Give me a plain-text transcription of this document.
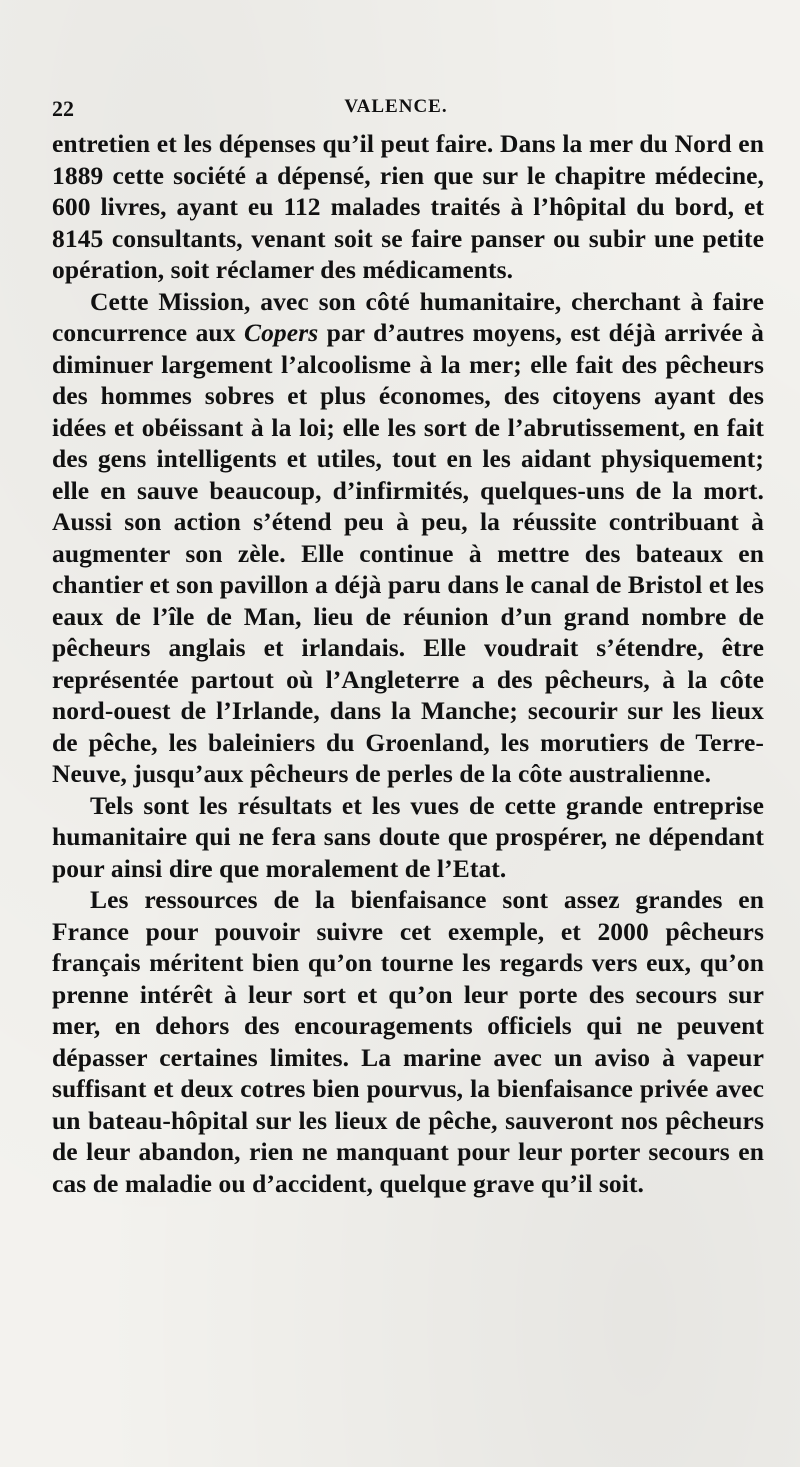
22	VALENCE.

entretien et les dépenses qu’il peut faire. Dans la mer du Nord en 1889 cette société a dépensé, rien que sur le chapitre médecine, 600 livres, ayant eu 112 malades traités à l’hôpital du bord, et 8145 consultants, venant soit se faire panser ou subir une petite opération, soit réclamer des médicaments.

Cette Mission, avec son côté humanitaire, cherchant à faire concurrence aux Copers par d’autres moyens, est déjà arrivée à diminuer largement l’alcoolisme à la mer; elle fait des pêcheurs des hommes sobres et plus économes, des citoyens ayant des idées et obéissant à la loi; elle les sort de l’abrutissement, en fait des gens intelligents et utiles, tout en les aidant physiquement; elle en sauve beaucoup, d’infirmités, quelques-uns de la mort. Aussi son action s’étend peu à peu, la réussite contribuant à augmenter son zèle. Elle continue à mettre des bateaux en chantier et son pavillon a déjà paru dans le canal de Bristol et les eaux de l’île de Man, lieu de réunion d’un grand nombre de pêcheurs anglais et irlandais. Elle voudrait s’étendre, être représentée partout où l’Angleterre a des pêcheurs, à la côte nord-ouest de l’Irlande, dans la Manche; secourir sur les lieux de pêche, les baleiniers du Groenland, les morutiers de Terre-Neuve, jusqu’aux pêcheurs de perles de la côte australienne.

Tels sont les résultats et les vues de cette grande entreprise humanitaire qui ne fera sans doute que prospérer, ne dépendant pour ainsi dire que moralement de l’Etat.

Les ressources de la bienfaisance sont assez grandes en France pour pouvoir suivre cet exemple, et 2000 pêcheurs français méritent bien qu’on tourne les regards vers eux, qu’on prenne intérêt à leur sort et qu’on leur porte des secours sur mer, en dehors des encouragements officiels qui ne peuvent dépasser certaines limites. La marine avec un aviso à vapeur suffisant et deux cotres bien pourvus, la bienfaisance privée avec un bateau-hôpital sur les lieux de pêche, sauveront nos pêcheurs de leur abandon, rien ne manquant pour leur porter secours en cas de maladie ou d’accident, quelque grave qu’il soit.
